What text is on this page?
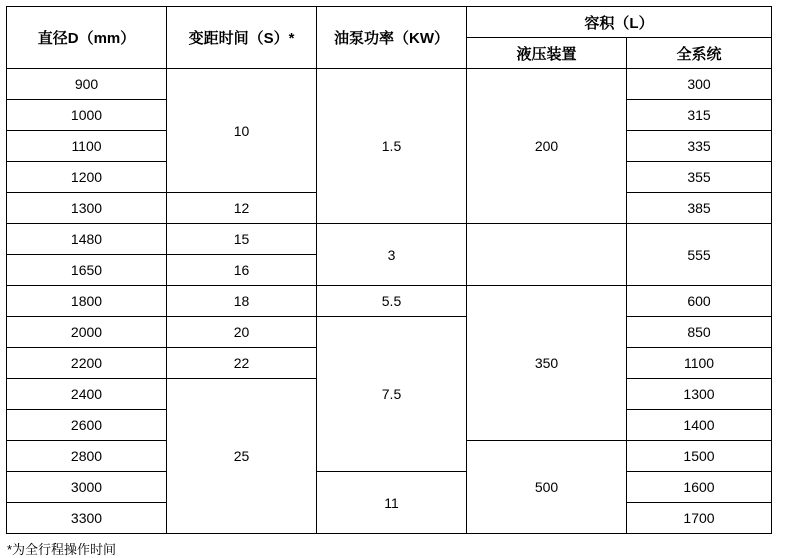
直径D（mm）	变距时间（S）*	油泵功率（KW）	容积（L）	
			液压装置	全系统
900	10	1.5	200	300
1000				315
1100				335
1200				355
1300	12			385
1480	15	3		555
1650	16			
1800	18	5.5	350	600
2000	20	7.5		850
2200	22			1100
2400	25			1300
2600				1400
2800			500	1500
3000		11		1600
3300				1700
*为全行程操作时间
